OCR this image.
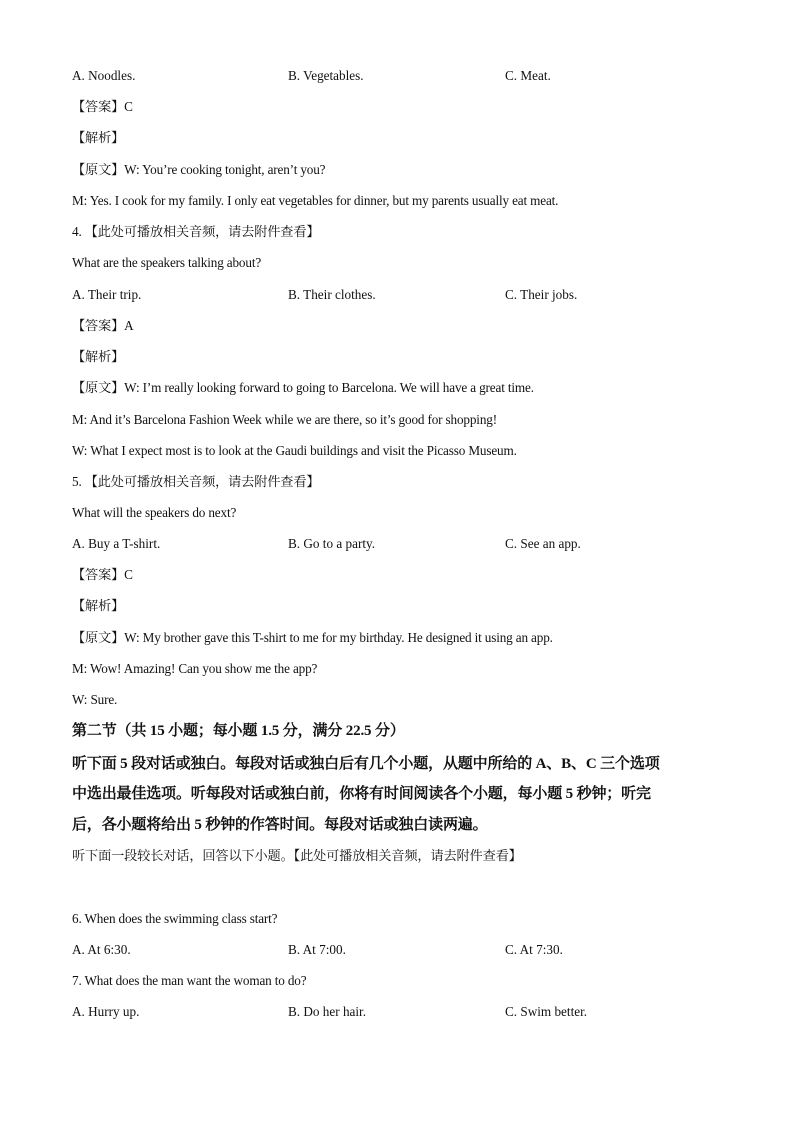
A. Noodles.	B. Vegetables.	C. Meat.
【答案】C
【解析】
【原文】W: You’re cooking tonight, aren’t you?
M: Yes. I cook for my family. I only eat vegetables for dinner, but my parents usually eat meat.
4. 【此处可播放相关音频，请去附件查看】
What are the speakers talking about?
A. Their trip.	B. Their clothes.	C. Their jobs.
【答案】A
【解析】
【原文】W: I’m really looking forward to going to Barcelona. We will have a great time.
M: And it’s Barcelona Fashion Week while we are there, so it’s good for shopping!
W: What I expect most is to look at the Gaudi buildings and visit the Picasso Museum.
5. 【此处可播放相关音频，请去附件查看】
What will the speakers do next?
A. Buy a T-shirt.	B. Go to a party.	C. See an app.
【答案】C
【解析】
【原文】W: My brother gave this T-shirt to me for my birthday. He designed it using an app.
M: Wow! Amazing! Can you show me the app?
W: Sure.
第二节（共 15 小题；每小题 1.5 分，满分 22.5 分）
听下面 5 段对话或独白。每段对话或独白后有几个小题，从题中所给的 A、B、C 三个选项
中选出最佳选项。听每段对话或独白前，你将有时间阅读各个小题，每小题 5 秒钟；听完
后，各小题将给出 5 秒钟的作答时间。每段对话或独白读两遍。
听下面一段较长对话，回答以下小题。【此处可播放相关音频，请去附件查看】
6. When does the swimming class start?
A. At 6:30.	B. At 7:00.	C. At 7:30.
7. What does the man want the woman to do?
A. Hurry up.	B. Do her hair.	C. Swim better.
